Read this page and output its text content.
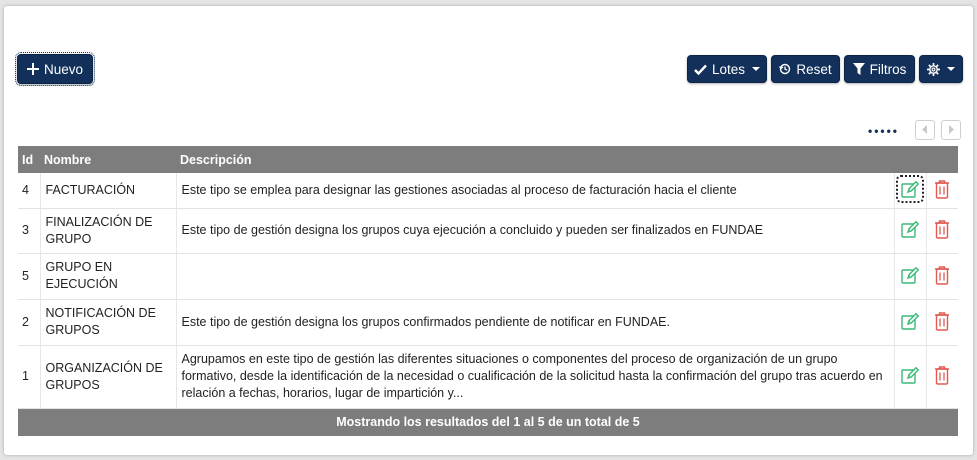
Nuevo	Lotes	Reset	Filtros
•••••
Id	Nombre	Descripción		
4	FACTURACIÓN	Este tipo se emplea para designar las gestiones asociadas al proceso de facturación hacia el cliente	

3	FINALIZACIÓN DE GRUPO	Este tipo de gestión designa los grupos cuya ejecución a concluido y pueden ser finalizados en FUNDAE	

5	GRUPO EN EJECUCIÓN		

2	NOTIFICACIÓN DE GRUPOS	Este tipo de gestión designa los grupos confirmados pendiente de notificar en FUNDAE.	

1	ORGANIZACIÓN DE GRUPOS	Agrupamos en este tipo de gestión las diferentes situaciones o componentes del proceso de organización de un grupo formativo, desde la identificación de la necesidad o cualificación de la solicitud hasta la confirmación del grupo tras acuerdo en relación a fechas, horarios, lugar de impartición y...	

Mostrando los resultados del 1 al 5 de un total de 5				
